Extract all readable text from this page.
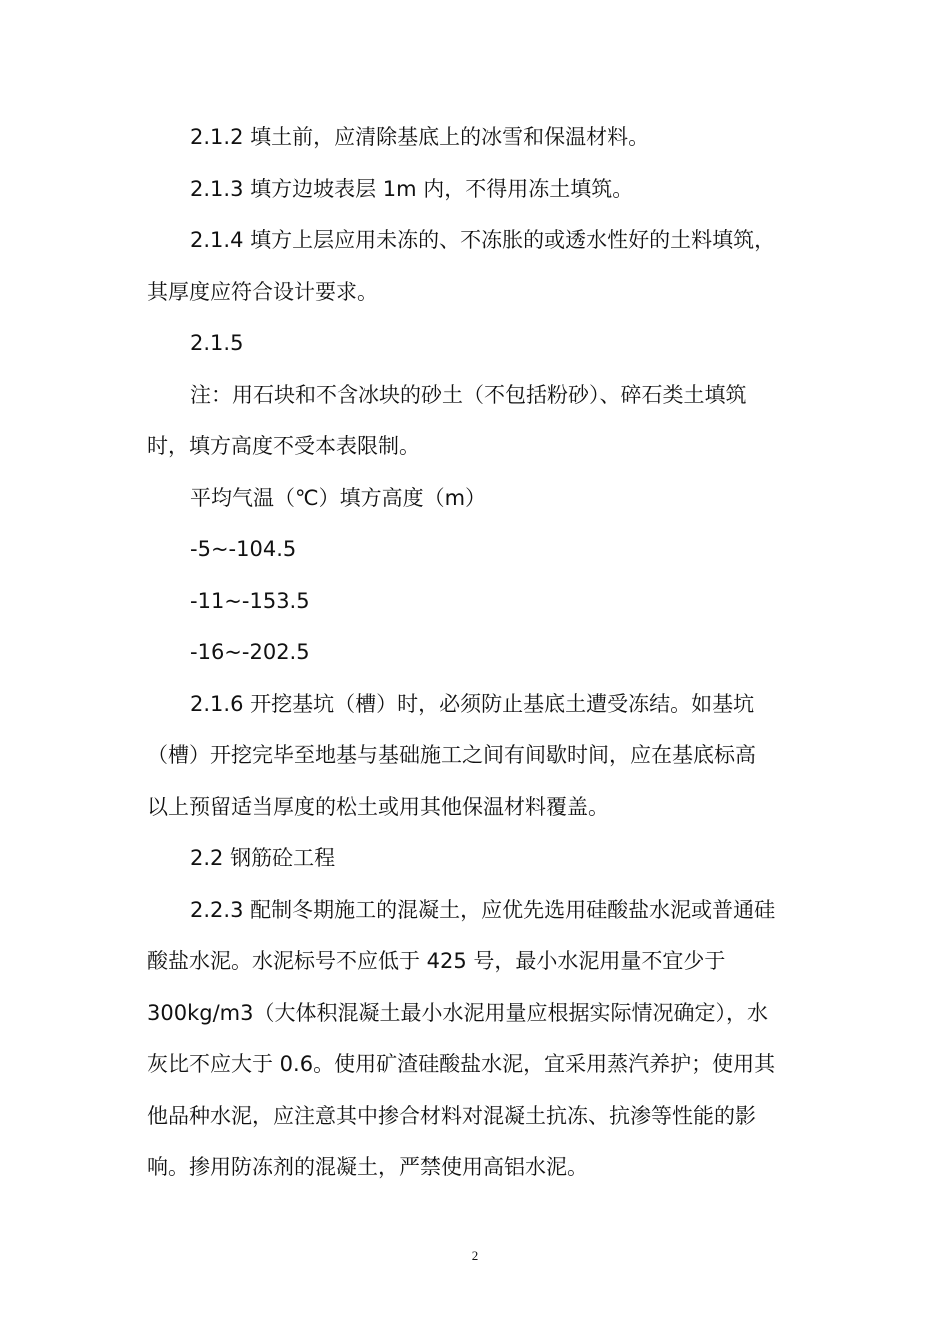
2.1.2 填土前，应清除基底上的冰雪和保温材料。
2.1.3 填方边坡表层 1m 内，不得用冻土填筑。
2.1.4 填方上层应用未冻的、不冻胀的或透水性好的土料填筑，
其厚度应符合设计要求。
2.1.5
注：用石块和不含冰块的砂土（不包括粉砂）、碎石类土填筑
时，填方高度不受本表限制。
平均气温（℃）填方高度（m）
-5~-104.5
-11~-153.5
-16~-202.5
2.1.6 开挖基坑（槽）时，必须防止基底土遭受冻结。如基坑
（槽）开挖完毕至地基与基础施工之间有间歇时间，应在基底标高
以上预留适当厚度的松土或用其他保温材料覆盖。
2.2 钢筋砼工程
2.2.3 配制冬期施工的混凝土，应优先选用硅酸盐水泥或普通硅
酸盐水泥。水泥标号不应低于 425 号，最小水泥用量不宜少于
300kg/m3（大体积混凝土最小水泥用量应根据实际情况确定），水
灰比不应大于 0.6。使用矿渣硅酸盐水泥，宜采用蒸汽养护；使用其
他品种水泥，应注意其中掺合材料对混凝土抗冻、抗渗等性能的影
响。掺用防冻剂的混凝土，严禁使用高铝水泥。
2
